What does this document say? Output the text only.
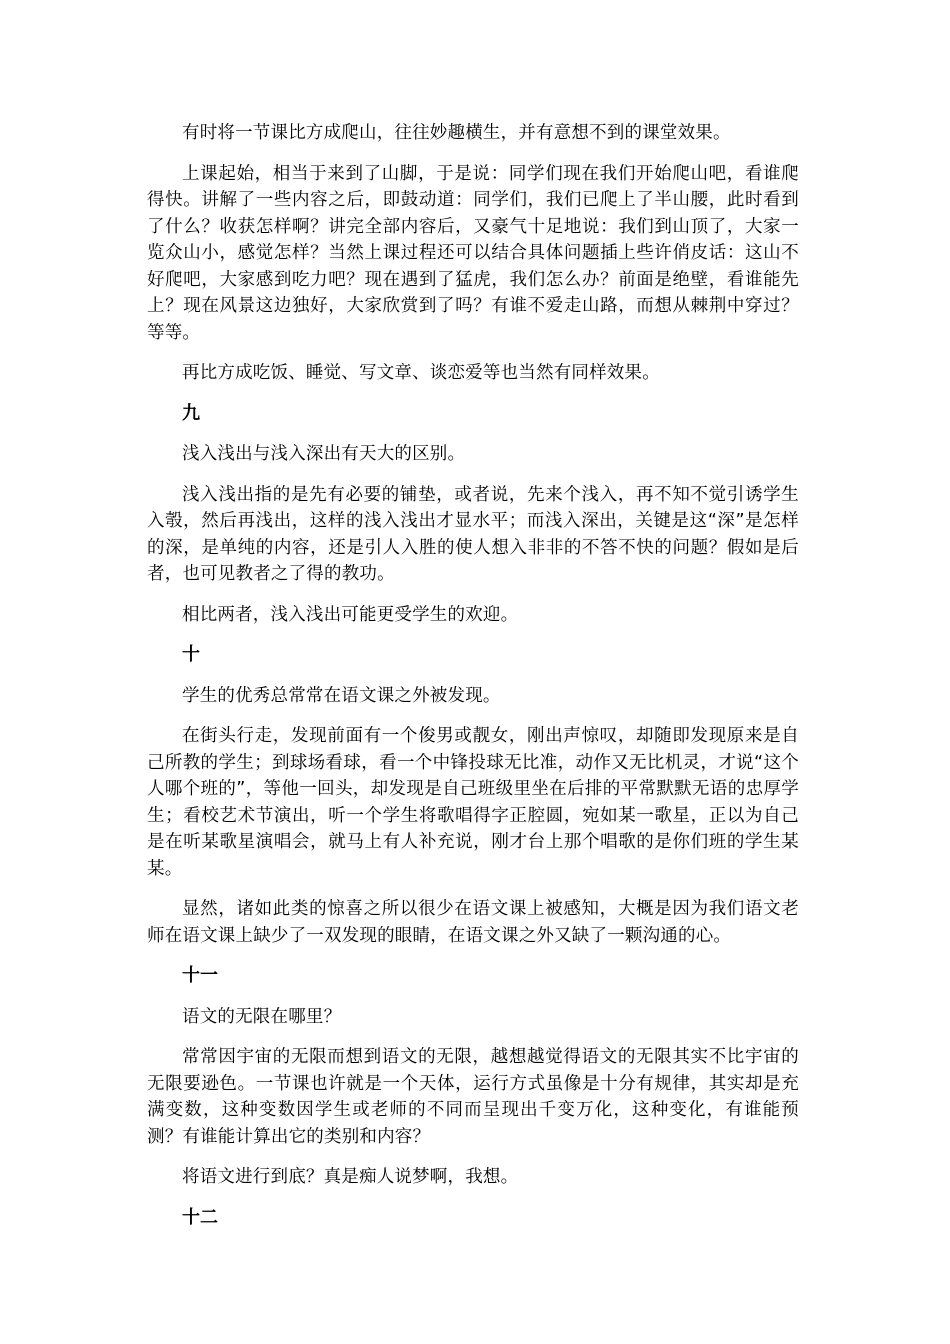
有时将一节课比方成爬山，往往妙趣横生，并有意想不到的课堂效果。

上课起始，相当于来到了山脚，于是说：同学们现在我们开始爬山吧，看谁爬得快。讲解了一些内容之后，即鼓动道：同学们，我们已爬上了半山腰，此时看到了什么？收获怎样啊？讲完全部内容后，又豪气十足地说：我们到山顶了，大家一览众山小，感觉怎样？当然上课过程还可以结合具体问题插上些许俏皮话：这山不好爬吧，大家感到吃力吧？现在遇到了猛虎，我们怎么办？前面是绝壁，看谁能先上？现在风景这边独好，大家欣赏到了吗？有谁不爱走山路，而想从棘荆中穿过？等等。

再比方成吃饭、睡觉、写文章、谈恋爱等也当然有同样效果。

九

浅入浅出与浅入深出有天大的区别。

浅入浅出指的是先有必要的铺垫，或者说，先来个浅入，再不知不觉引诱学生入彀，然后再浅出，这样的浅入浅出才显水平；而浅入深出，关键是这“深”是怎样的深，是单纯的内容，还是引人入胜的使人想入非非的不答不快的问题？假如是后者，也可见教者之了得的教功。

相比两者，浅入浅出可能更受学生的欢迎。

十

学生的优秀总常常在语文课之外被发现。

在街头行走，发现前面有一个俊男或靓女，刚出声惊叹，却随即发现原来是自己所教的学生；到球场看球，看一个中锋投球无比准，动作又无比机灵，才说“这个人哪个班的”，等他一回头，却发现是自己班级里坐在后排的平常默默无语的忠厚学生；看校艺术节演出，听一个学生将歌唱得字正腔圆，宛如某一歌星，正以为自己是在听某歌星演唱会，就马上有人补充说，刚才台上那个唱歌的是你们班的学生某某。

显然，诸如此类的惊喜之所以很少在语文课上被感知，大概是因为我们语文老师在语文课上缺少了一双发现的眼睛，在语文课之外又缺了一颗沟通的心。

十一

语文的无限在哪里？

常常因宇宙的无限而想到语文的无限，越想越觉得语文的无限其实不比宇宙的无限要逊色。一节课也许就是一个天体，运行方式虽像是十分有规律，其实却是充满变数，这种变数因学生或老师的不同而呈现出千变万化，这种变化，有谁能预测？有谁能计算出它的类别和内容？

将语文进行到底？真是痴人说梦啊，我想。

十二
